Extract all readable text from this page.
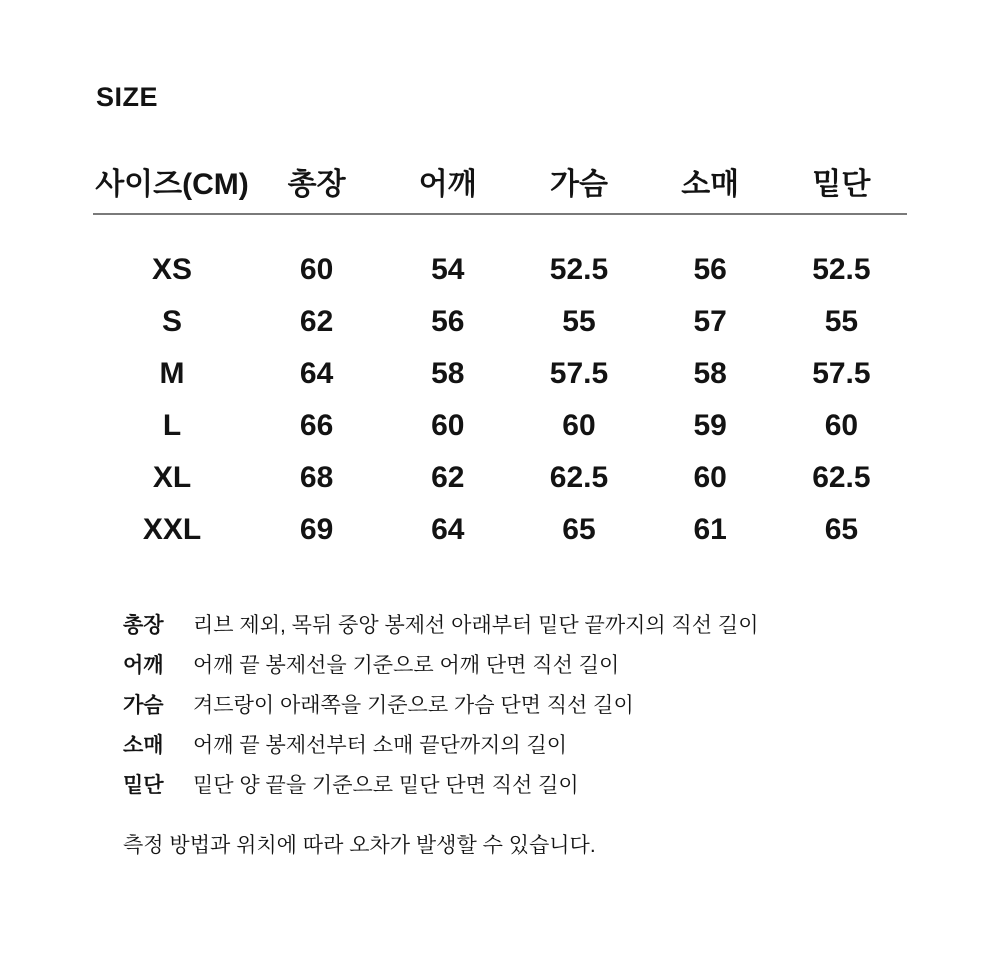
SIZE
사이즈(CM)	총장	어깨	가슴	소매	밑단
XS	60	54	52.5	56	52.5
S	62	56	55	57	55
M	64	58	57.5	58	57.5
L	66	60	60	59	60
XL	68	62	62.5	60	62.5
XXL	69	64	65	61	65
총장 리브 제외, 목뒤 중앙 봉제선 아래부터 밑단 끝까지의 직선 길이
어깨 어깨 끝 봉제선을 기준으로 어깨 단면 직선 길이
가슴 겨드랑이 아래쪽을 기준으로 가슴 단면 직선 길이
소매 어깨 끝 봉제선부터 소매 끝단까지의 길이
밑단 밑단 양 끝을 기준으로 밑단 단면 직선 길이

측정 방법과 위치에 따라 오차가 발생할 수 있습니다.
